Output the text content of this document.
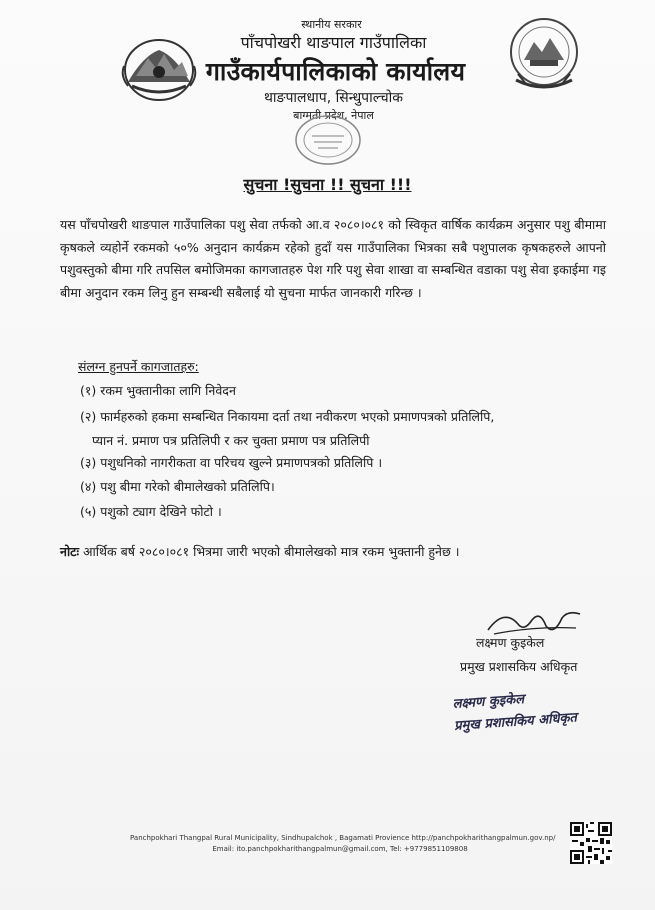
स्थानीय सरकार
पाँचपोखरी थाङपाल गाउँपालिका
गाउँकार्यपालिकाको कार्यालय
थाङपालधाप, सिन्धुपाल्चोक
बाग्मती प्रदेश, नेपाल
सुचना !सुचना !! सुचना !!!
यस पाँचपोखरी थाङपाल गाउँपालिका पशु सेवा तर्फको आ.व २०८०।०८१ को स्विकृत वार्षिक कार्यक्रम अनुसार पशु बीमामा कृषकले व्यहोर्ने रकमको ५०% अनुदान कार्यक्रम रहेको हुदाँ यस गाउँपालिका भित्रका सबै पशुपालक कृषकहरुले आपनो पशुवस्तुको बीमा गरि तपसिल बमोजिमका कागजातहरु पेश गरि पशु सेवा शाखा वा सम्बन्धित वडाका पशु सेवा इकाईमा गइ बीमा अनुदान रकम लिनु हुन सम्बन्धी सबैलाई यो सुचना मार्फत जानकारी गरिन्छ ।
संलग्न हुनपर्ने कागजातहरु:
(१) रकम भुक्तानीका लागि निवेदन
(२) फार्महरुको हकमा सम्बन्धित निकायमा दर्ता तथा नवीकरण भएको प्रमाणपत्रको प्रतिलिपि,
प्यान नं. प्रमाण पत्र प्रतिलिपी र कर चुक्ता प्रमाण पत्र प्रतिलिपी
(३) पशुधनिको नागरीकता वा परिचय खुल्ने प्रमाणपत्रको प्रतिलिपि ।
(४) पशु बीमा गरेको बीमालेखको प्रतिलिपि।
(५) पशुको ट्याग देखिने फोटो ।
नोटः आर्थिक बर्ष २०८०।०८१ भित्रमा जारी भएको बीमालेखको मात्र रकम भुक्तानी हुनेछ ।
लक्ष्मण कुइकेल
प्रमुख प्रशासकिय अधिकृत
लक्ष्मण कुइकेल
प्रमुख प्रशासकिय अधिकृत
Panchpokhari Thangpal Rural Municipality, Sindhupalchok , Bagamati Provience http://panchpokharithangpalmun.gov.np/
Email: ito.panchpokharithangpalmun@gmail.com, Tel: +9779851109808
